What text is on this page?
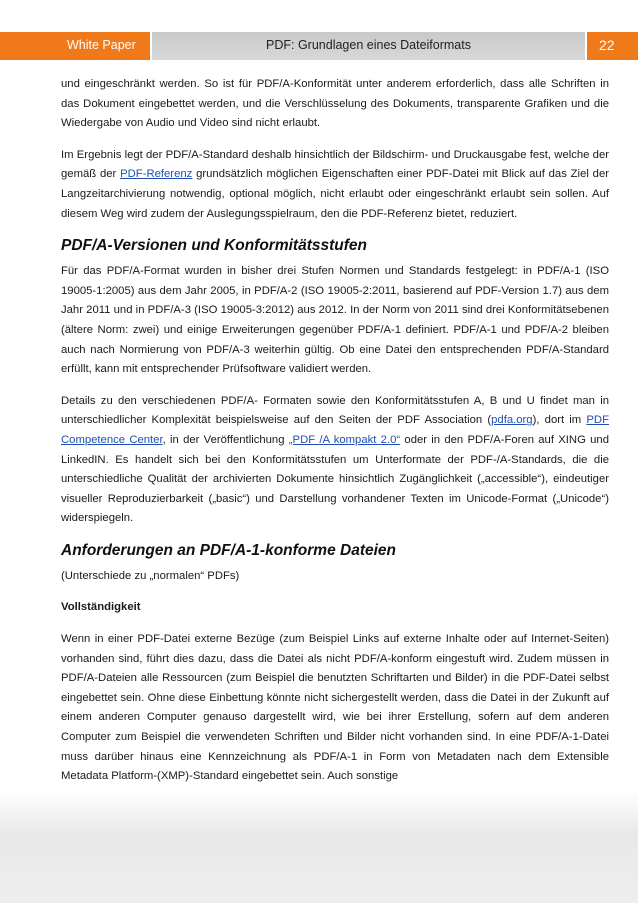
White Paper	PDF: Grundlagen eines Dateiformats	22

und eingeschränkt werden. So ist für PDF/A-Konformität unter anderem erforderlich, dass alle Schriften in das Dokument eingebettet werden, und die Verschlüsselung des Dokuments, transparente Grafiken und die Wiedergabe von Audio und Video sind nicht erlaubt.

Im Ergebnis legt der PDF/A-Standard deshalb hinsichtlich der Bildschirm- und Druckausgabe fest, welche der gemäß der PDF-Referenz grundsätzlich möglichen Eigenschaften einer PDF-Datei mit Blick auf das Ziel der Langzeitarchivierung notwendig, optional möglich, nicht erlaubt oder eingeschränkt erlaubt sein sollen. Auf diesem Weg wird zudem der Auslegungsspielraum, den die PDF-Referenz bietet, reduziert.

PDF/A-Versionen und Konformitätsstufen

Für das PDF/A-Format wurden in bisher drei Stufen Normen und Standards festgelegt: in PDF/A-1 (ISO 19005-1:2005) aus dem Jahr 2005, in PDF/A-2 (ISO 19005-2:2011, basierend auf PDF-Version 1.7) aus dem Jahr 2011 und in PDF/A-3 (ISO 19005-3:2012) aus 2012. In der Norm von 2011 sind drei Konformitätsebenen (ältere Norm: zwei) und einige Erweiterungen gegenüber PDF/A-1 definiert. PDF/A-1 und PDF/A-2 bleiben auch nach Normierung von PDF/A-3 weiterhin gültig. Ob eine Datei den entsprechenden PDF/A-Standard erfüllt, kann mit entsprechender Prüfsoftware validiert werden.

Details zu den verschiedenen PDF/A- Formaten sowie den Konformitätsstufen A, B und U findet man in unterschiedlicher Komplexität beispielsweise auf den Seiten der PDF Association (pdfa.org), dort im PDF Competence Center, in der Veröffentlichung „PDF /A kompakt 2.0“ oder in den PDF/A-Foren auf XING und LinkedIN. Es handelt sich bei den Konformitätsstufen um Unterformate der PDF-/A-Standards, die die unterschiedliche Qualität der archivierten Dokumente hinsichtlich Zugänglichkeit („accessible“), eindeutiger visueller Reproduzierbarkeit („basic“) und Darstellung vorhandener Texten im Unicode-Format („Unicode“) widerspiegeln.

Anforderungen an PDF/A-1-konforme Dateien

(Unterschiede zu „normalen“ PDFs)

Vollständigkeit

Wenn in einer PDF-Datei externe Bezüge (zum Beispiel Links auf externe Inhalte oder auf Internet-Seiten) vorhanden sind, führt dies dazu, dass die Datei als nicht PDF/A-konform eingestuft wird. Zudem müssen in PDF/A-Dateien alle Ressourcen (zum Beispiel die benutzten Schriftarten und Bilder) in die PDF-Datei selbst eingebettet sein. Ohne diese Einbettung könnte nicht sichergestellt werden, dass die Datei in der Zukunft auf einem anderen Computer genauso dargestellt wird, wie bei ihrer Erstellung, sofern auf dem anderen Computer zum Beispiel die verwendeten Schriften und Bilder nicht vorhanden sind. In eine PDF/A-1-Datei muss darüber hinaus eine Kennzeichnung als PDF/A-1 in Form von Metadaten nach dem Extensible Metadata Platform-(XMP)-Standard eingebettet sein. Auch sonstige
